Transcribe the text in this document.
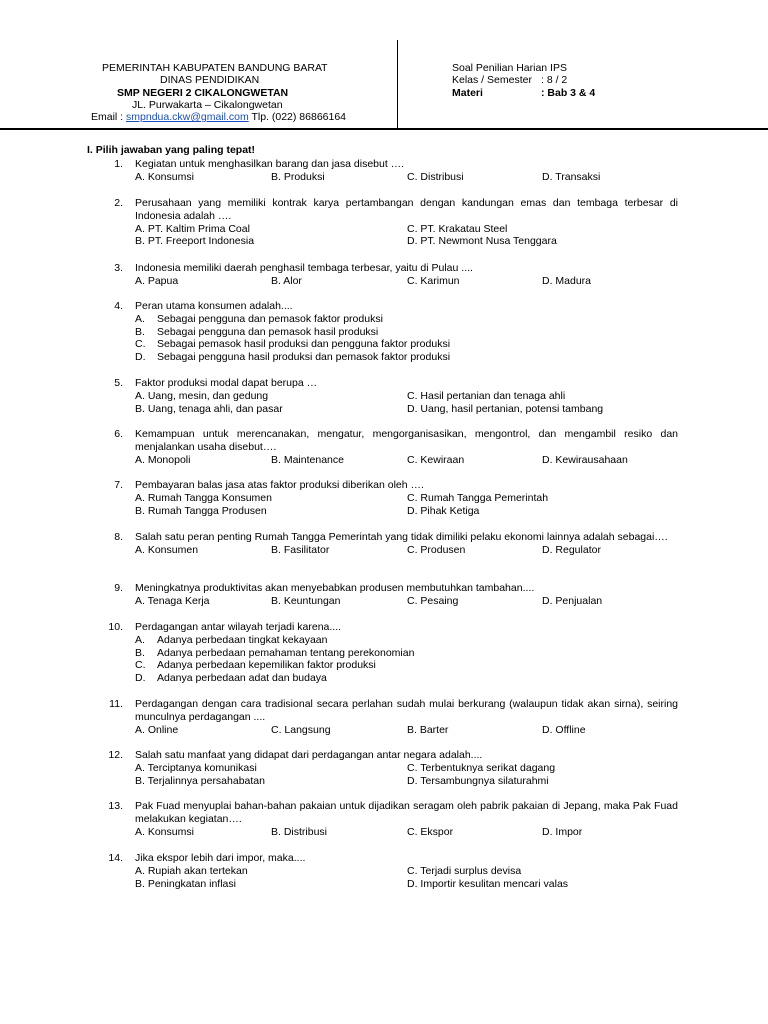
PEMERINTAH KABUPATEN BANDUNG BARAT
DINAS PENDIDIKAN
SMP NEGERI 2 CIKALONGWETAN
JL. Purwakarta – Cikalongwetan
Email : smpndua.ckw@gmail.com Tlp. (022) 86866164
Soal Penilian Harian IPS
Kelas / Semester : 8 / 2
Materi	: Bab 3 & 4
I. Pilih jawaban yang paling tepat!
1. Kegiatan untuk menghasilkan barang dan jasa disebut ….
A. Konsumsi	B. Produksi	C. Distribusi	D. Transaksi
2. Perusahaan yang memiliki kontrak karya pertambangan dengan kandungan emas dan tembaga terbesar di Indonesia adalah ….
A. PT. Kaltim Prima Coal	C. PT. Krakatau Steel
B. PT. Freeport Indonesia	D. PT. Newmont Nusa Tenggara
3. Indonesia memiliki daerah penghasil tembaga terbesar, yaitu di Pulau ....
A. Papua	B. Alor	C. Karimun	D. Madura
4. Peran utama konsumen adalah....
A. Sebagai pengguna dan pemasok faktor produksi
B. Sebagai pengguna dan pemasok hasil produksi
C. Sebagai pemasok hasil produksi dan pengguna faktor produksi
D. Sebagai pengguna hasil produksi dan pemasok faktor produksi
5. Faktor produksi modal dapat berupa …
A. Uang, mesin, dan gedung	C. Hasil pertanian dan tenaga ahli
B. Uang, tenaga ahli, dan pasar	D. Uang, hasil pertanian, potensi tambang
6. Kemampuan untuk merencanakan, mengatur, mengorganisasikan, mengontrol, dan mengambil resiko dan menjalankan usaha disebut….
A. Monopoli	B. Maintenance	C. Kewiraan	D. Kewirausahaan
7. Pembayaran balas jasa atas faktor produksi diberikan oleh ….
A. Rumah Tangga Konsumen	C. Rumah Tangga Pemerintah
B. Rumah Tangga Produsen	D. Pihak Ketiga
8. Salah satu peran penting Rumah Tangga Pemerintah yang tidak dimiliki pelaku ekonomi lainnya adalah sebagai….
A. Konsumen	B. Fasilitator	C. Produsen	D. Regulator
9. Meningkatnya produktivitas akan menyebabkan produsen membutuhkan tambahan....
A. Tenaga Kerja	B. Keuntungan	C. Pesaing	D. Penjualan
10. Perdagangan antar wilayah terjadi karena....
A. Adanya perbedaan tingkat kekayaan
B. Adanya perbedaan pemahaman tentang perekonomian
C. Adanya perbedaan kepemilikan faktor produksi
D. Adanya perbedaan adat dan budaya
11. Perdagangan dengan cara tradisional secara perlahan sudah mulai berkurang (walaupun tidak akan sirna), seiring munculnya perdagangan ....
A. Online	C. Langsung	B. Barter	D. Offline
12. Salah satu manfaat yang didapat dari perdagangan antar negara adalah....
A. Terciptanya komunikasi	C. Terbentuknya serikat dagang
B. Terjalinnya persahabatan	D. Tersambungnya silaturahmi
13. Pak Fuad menyuplai bahan-bahan pakaian untuk dijadikan seragam oleh pabrik pakaian di Jepang, maka Pak Fuad melakukan kegiatan….
A. Konsumsi	B. Distribusi	C. Ekspor	D. Impor
14. Jika ekspor lebih dari impor, maka....
A. Rupiah akan tertekan	C. Terjadi surplus devisa
B. Peningkatan inflasi	D. Importir kesulitan mencari valas
